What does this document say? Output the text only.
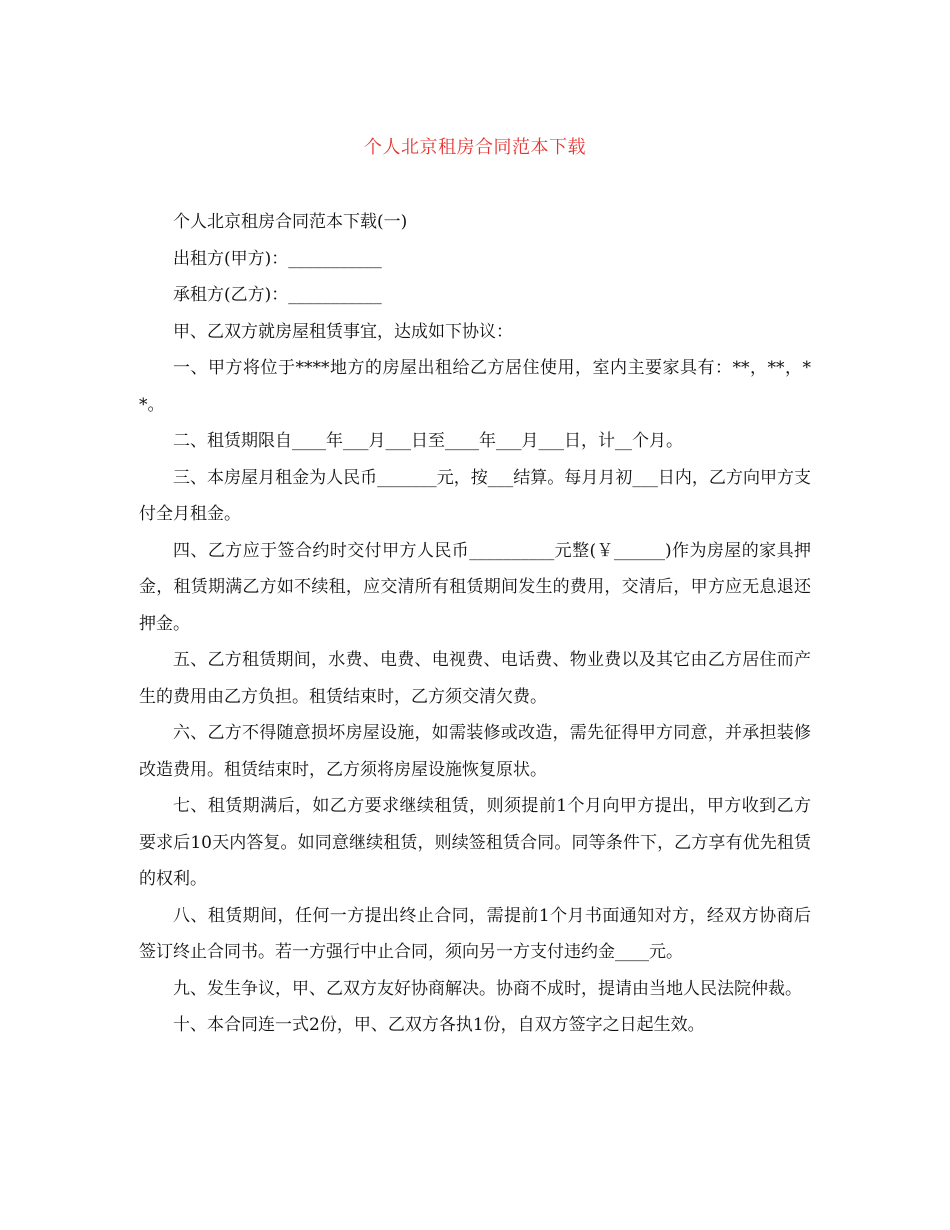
个人北京租房合同范本下载

个人北京租房合同范本下载(一)

出租方(甲方)：___________

承租方(乙方)：___________

甲、乙双方就房屋租赁事宜，达成如下协议：

一、甲方将位于****地方的房屋出租给乙方居住使用，室内主要家具有：**，**，**。

二、租赁期限自____年___月___日至____年___月___日，计__个月。

三、本房屋月租金为人民币_______元，按___结算。每月月初___日内，乙方向甲方支付全月租金。

四、乙方应于签合约时交付甲方人民币__________元整(￥______)作为房屋的家具押金，租赁期满乙方如不续租，应交清所有租赁期间发生的费用，交清后，甲方应无息退还押金。

五、乙方租赁期间，水费、电费、电视费、电话费、物业费以及其它由乙方居住而产生的费用由乙方负担。租赁结束时，乙方须交清欠费。

六、乙方不得随意损坏房屋设施，如需装修或改造，需先征得甲方同意，并承担装修改造费用。租赁结束时，乙方须将房屋设施恢复原状。

七、租赁期满后，如乙方要求继续租赁，则须提前1个月向甲方提出，甲方收到乙方要求后10天内答复。如同意继续租赁，则续签租赁合同。同等条件下，乙方享有优先租赁的权利。

八、租赁期间，任何一方提出终止合同，需提前1个月书面通知对方，经双方协商后签订终止合同书。若一方强行中止合同，须向另一方支付违约金____元。

九、发生争议，甲、乙双方友好协商解决。协商不成时，提请由当地人民法院仲裁。

十、本合同连一式2份，甲、乙双方各执1份，自双方签字之日起生效。
